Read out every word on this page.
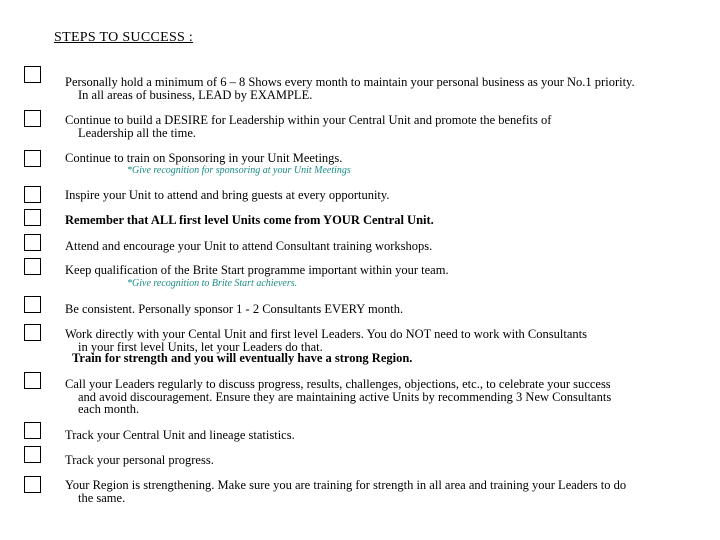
STEPS TO SUCCESS :
Personally hold a minimum of 6 – 8 Shows every month to maintain your personal business as your No.1 priority.
In all areas of business, LEAD by EXAMPLE.
Continue to build a DESIRE for Leadership within your Central Unit and promote the benefits of
Leadership all the time.
Continue to train on Sponsoring in your Unit Meetings.
*Give recognition for sponsoring at your Unit Meetings
Inspire your Unit to attend and bring guests at every opportunity.
Remember that ALL first level Units come from YOUR Central Unit.
Attend and encourage your Unit to attend Consultant training workshops.
Keep qualification of the Brite Start programme important within your team.
*Give recognition to Brite Start achievers.
Be consistent. Personally sponsor 1 - 2 Consultants EVERY month.
Work directly with your Cental Unit and first level Leaders. You do NOT need to work with Consultants
in your first level Units, let your Leaders do that.
Train for strength and you will eventually have a strong Region.
Call your Leaders regularly to discuss progress, results, challenges, objections, etc., to celebrate your success
and avoid discouragement. Ensure they are maintaining active Units by recommending 3 New Consultants
each month.
Track your Central Unit and lineage statistics.
Track your personal progress.
Your Region is strengthening. Make sure you are training for strength in all area and training your Leaders to do
the same.
